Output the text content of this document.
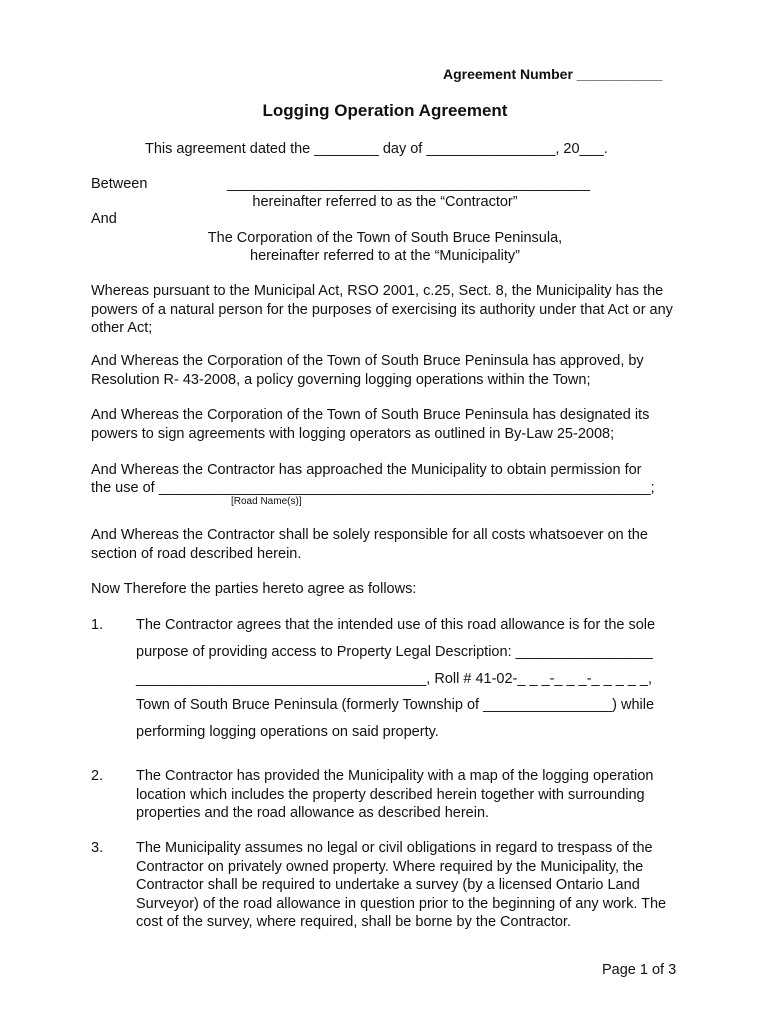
Agreement Number ___________
Logging Operation Agreement
This agreement dated the ________ day of ________________, 20___.
Between	_____________________________________________
hereinafter referred to as the “Contractor”
And
The Corporation of the Town of South Bruce Peninsula,
hereinafter referred to at the “Municipality”
Whereas pursuant to the Municipal Act, RSO 2001, c.25, Sect. 8, the Municipality has the powers of a natural person for the purposes of exercising its authority under that Act or any other Act;
And Whereas the Corporation of the Town of South Bruce Peninsula has approved, by Resolution R- 43-2008, a policy governing logging operations within the Town;
And Whereas the Corporation of the Town of South Bruce Peninsula has designated its powers to sign agreements with logging operators as outlined in By-Law 25-2008;
And Whereas the Contractor has approached the Municipality to obtain permission for
the use of _____________________________________________________________;
[Road Name(s)]
And Whereas the Contractor shall be solely responsible for all costs whatsoever on the section of road described herein.
Now Therefore the parties hereto agree as follows:
1. The Contractor agrees that the intended use of this road allowance is for the sole
purpose of providing access to Property Legal Description: _________________
____________________________________, Roll # 41-02-_ _ _-_ _ _-_ _ _ _ _,
Town of South Bruce Peninsula (formerly Township of ________________) while
performing logging operations on said property.
2. The Contractor has provided the Municipality with a map of the logging operation location which includes the property described herein together with surrounding properties and the road allowance as described herein.
3. The Municipality assumes no legal or civil obligations in regard to trespass of the Contractor on privately owned property. Where required by the Municipality, the Contractor shall be required to undertake a survey (by a licensed Ontario Land Surveyor) of the road allowance in question prior to the beginning of any work. The cost of the survey, where required, shall be borne by the Contractor.
Page 1 of 3
